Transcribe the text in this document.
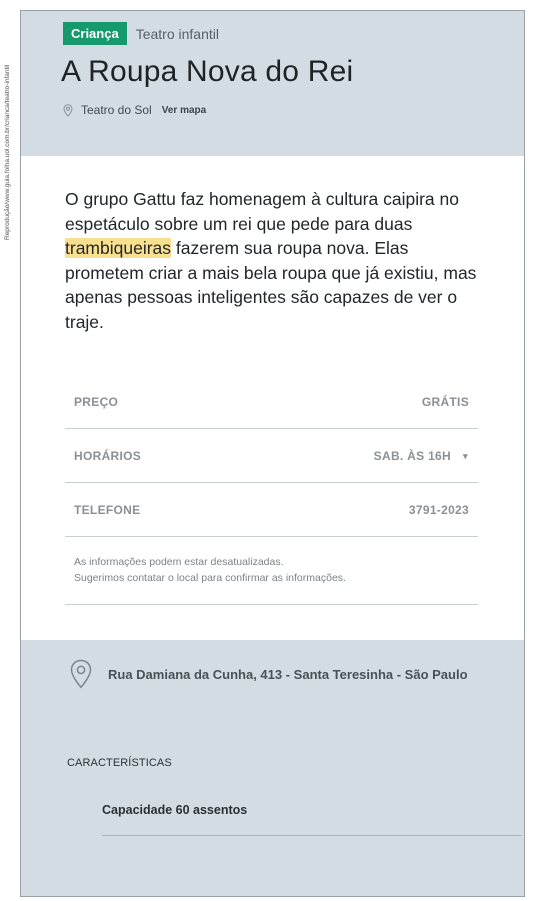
Reprodução/www.guia.folha.uol.com.br/crianca/teatro-infantil
Criança	Teatro infantil
A Roupa Nova do Rei
Teatro do Sol Ver mapa

O grupo Gattu faz homenagem à cultura caipira no espetáculo sobre um rei que pede para duas trambiqueiras fazerem sua roupa nova. Elas prometem criar a mais bela roupa que já existiu, mas apenas pessoas inteligentes são capazes de ver o traje.

PREÇO	GRÁTIS
HORÁRIOS	SAB. ÀS 16H ▾
TELEFONE	3791-2023
As informações podem estar desatualizadas.
Sugerimos contatar o local para confirmar as informações.
Rua Damiana da Cunha, 413 - Santa Teresinha - São Paulo
CARACTERÍSTICAS
Capacidade 60 assentos
